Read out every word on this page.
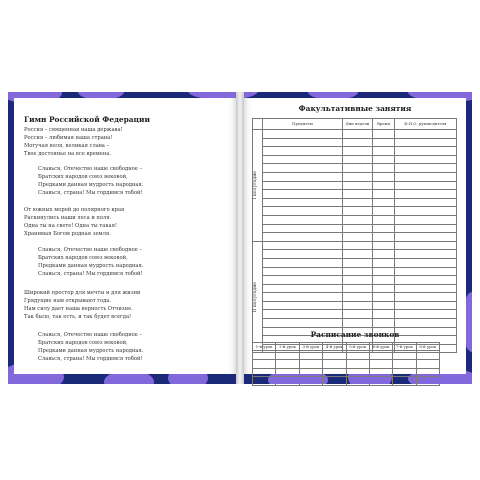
Гимн Российской Федерации
Россия – священная наша держава!
Россия – любимая наша страна!
Могучая воля, великая слава –
Твое достоянье на все времена.
Славься, Отечество наше свободное –
Братских народов союз вековой,
Предками данная мудрость народная.
Славься, страна! Мы гордимся тобой!
От южных морей до полярного края
Раскинулись наши леса и поля.
Одна ты на свете! Одна ты такая!
Хранимая Богом родная земля.
Славься, Отечество наше свободное –
Братских народов союз вековой,
Предками данная мудрость народная.
Славься, страна! Мы гордимся тобой!
Широкий простор для мечты и для жизни
Грядущие нам открывают года.
Нам силу дает наша верность Отчизне.
Так было, так есть, и так будет всегда!
Славься, Отечество наше свободное –
Братских народов союз вековой,
Предками данная мудрость народная.
Славься, страна! Мы гордимся тобой!
Факультативные занятия
	Предметы	Дни недели	Время	Ф.И.О. руководителя

I полугодие				

II полугодие				

Расписание звонков
1-й урок	2-й урок	3-й урок	4-й урок	5-й урок	6-й урок	7-й урок	8-й урок
